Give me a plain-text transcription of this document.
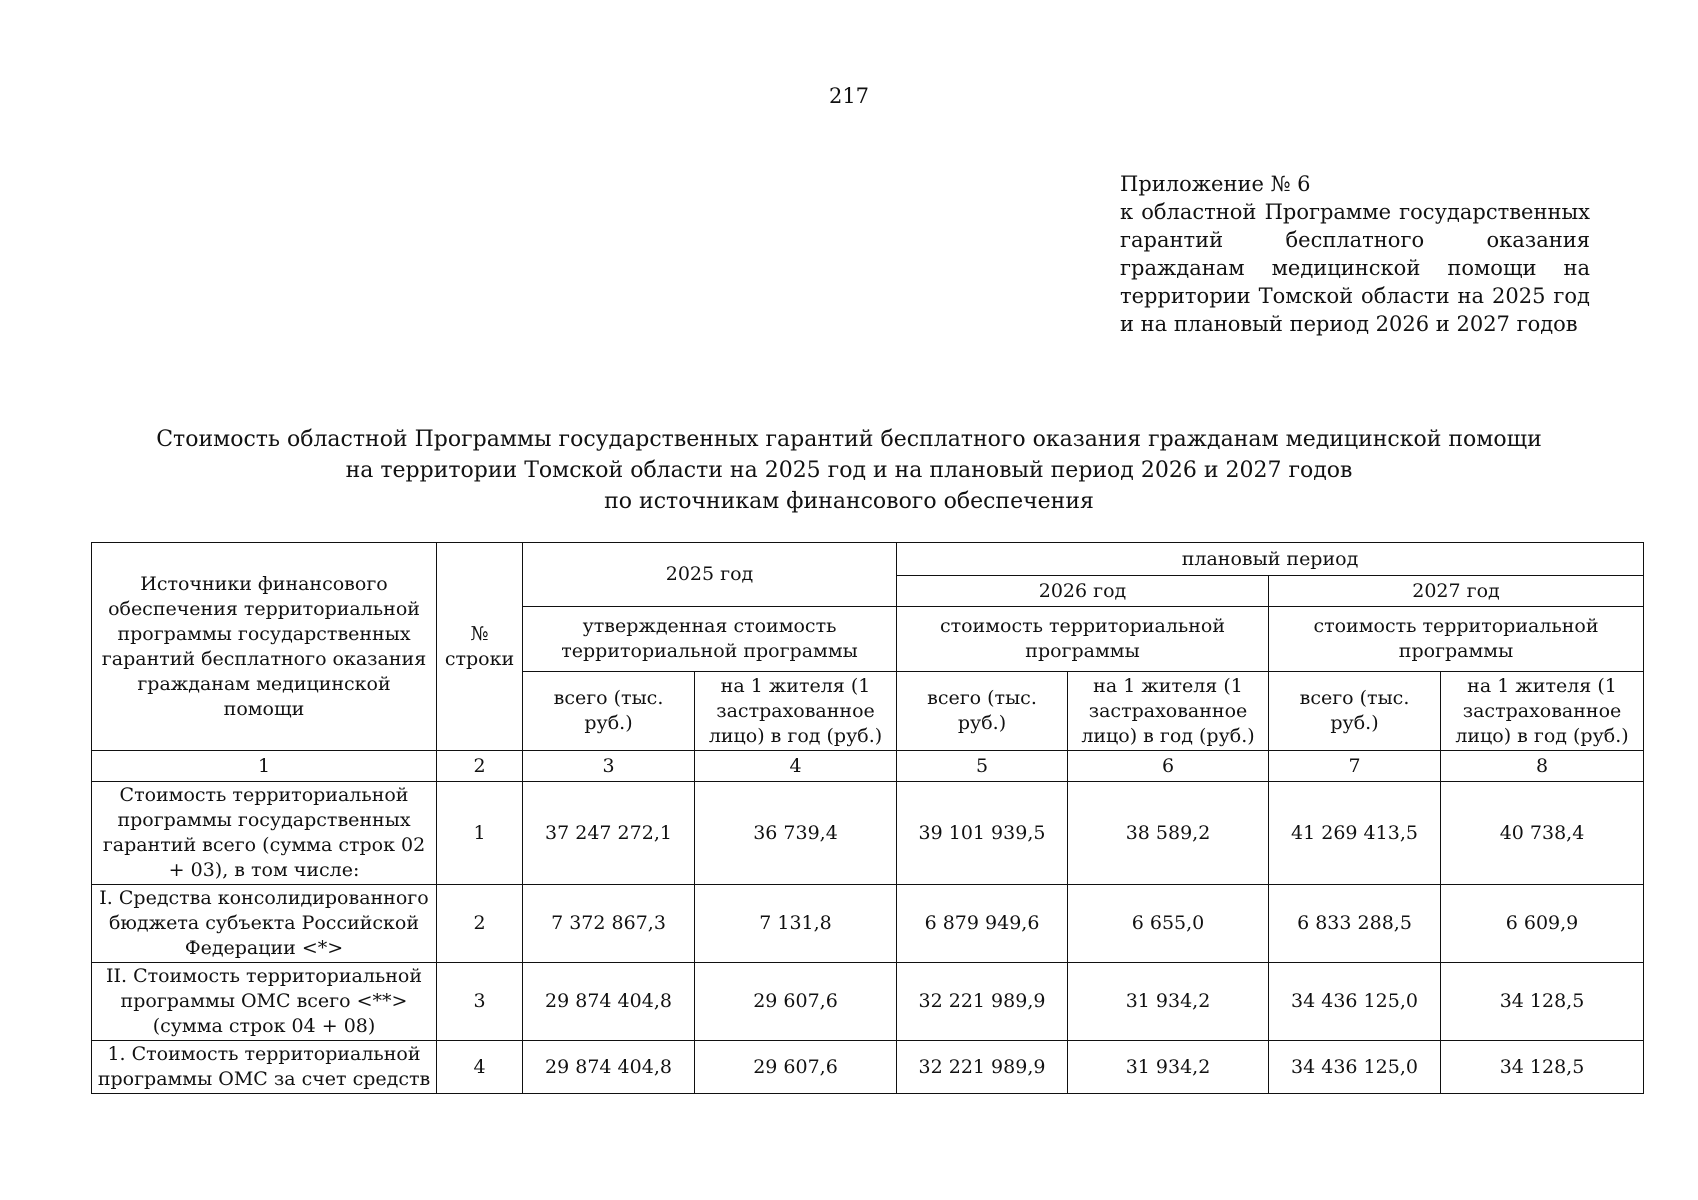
217
Приложение № 6
к областной Программе государственных гарантий бесплатного оказания гражданам медицинской помощи на территории Томской области на 2025 год и на плановый период 2026 и 2027 годов
Стоимость областной Программы государственных гарантий бесплатного оказания гражданам медицинской помощи
на территории Томской области на 2025 год и на плановый период 2026 и 2027 годов
по источникам финансового обеспечения
Источники финансового обеспечения территориальной программы государственных гарантий бесплатного оказания гражданам медицинской помощи	№ строки	2025 год		плановый период			
				2026 год		2027 год	
		утвержденная стоимость территориальной программы		стоимость территориальной программы		стоимость территориальной программы	
		всего (тыс. руб.)	на 1 жителя (1 застрахованное лицо) в год (руб.)	всего (тыс. руб.)	на 1 жителя (1 застрахованное лицо) в год (руб.)	всего (тыс. руб.)	на 1 жителя (1 застрахованное лицо) в год (руб.)
1	2	3	4	5	6	7	8
Стоимость территориальной программы государственных гарантий всего (сумма строк 02 + 03), в том числе:	1	37 247 272,1	36 739,4	39 101 939,5	38 589,2	41 269 413,5	40 738,4
I. Средства консолидированного бюджета субъекта Российской Федерации <*>	2	7 372 867,3	7 131,8	6 879 949,6	6 655,0	6 833 288,5	6 609,9
II. Стоимость территориальной программы ОМС всего <**> (сумма строк 04 + 08)	3	29 874 404,8	29 607,6	32 221 989,9	31 934,2	34 436 125,0	34 128,5
1. Стоимость территориальной программы ОМС за счет средств	4	29 874 404,8	29 607,6	32 221 989,9	31 934,2	34 436 125,0	34 128,5
